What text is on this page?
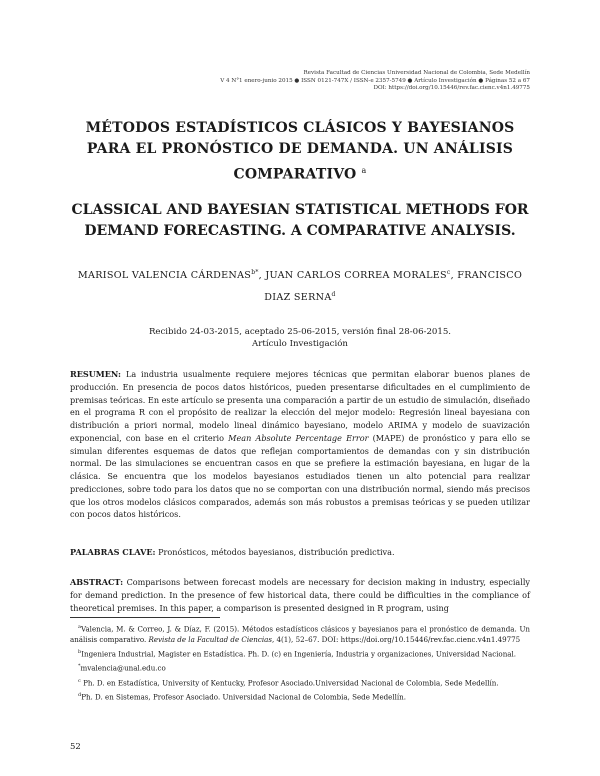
Revista Facultad de Ciencias Universidad Nacional de Colombia, Sede Medellín
V 4 N°1 enero-junio 2015 ● ISSN 0121-747X / ISSN-e 2357-5749 ● Artículo Investigación ● Páginas 52 a 67
DOI: https://doi.org/10.15446/rev.fac.cienc.v4n1.49775
MÉTODOS ESTADÍSTICOS CLÁSICOS Y BAYESIANOS
PARA EL PRONÓSTICO DE DEMANDA. UN ANÁLISIS
COMPARATIVO $^a$
CLASSICAL AND BAYESIAN STATISTICAL METHODS FOR
DEMAND FORECASTING. A COMPARATIVE ANALYSIS.
MARISOL VALENCIA $CÁRDENAS^{b*}$, JUAN CARLOS CORREA MORALES$^c$, FRANCISCO
DIAZ SERNA$^d$
Recibido 24-03-2015, aceptado 25-06-2015, versión final 28-06-2015.
Artículo Investigación
RESUMEN: La industria usualmente requiere mejores técnicas que permitan elaborar buenos planes de producción. En presencia de pocos datos históricos, pueden presentarse dificultades en el cumplimiento de premisas teóricas. En este artículo se presenta una comparación a partir de un estudio de simulación, diseñado en el programa R con el propósito de realizar la elección del mejor modelo: Regresión lineal bayesiana con distribución a priori normal, modelo lineal dinámico bayesiano, modelo ARIMA y modelo de suavización exponencial, con base en el criterio Mean Absolute Percentage Error (MAPE) de pronóstico y para ello se simulan diferentes esquemas de datos que reflejan comportamientos de demandas con y sin distribución normal. De las simulaciones se encuentran casos en que se prefiere la estimación bayesiana, en lugar de la clásica. Se encuentra que los modelos bayesianos estudiados tienen un alto potencial para realizar predicciones, sobre todo para los datos que no se comportan con una distribución normal, siendo más precisos que los otros modelos clásicos comparados, además son más robustos a premisas teóricas y se pueden utilizar con pocos datos históricos.
PALABRAS CLAVE: Pronósticos, métodos bayesianos, distribución predictiva.
ABSTRACT: Comparisons between forecast models are necessary for decision making in industry, especially for demand prediction. In the presence of few historical data, there could be difficulties in the compliance of theoretical premises. In this paper, a comparison is presented designed in R program, using

$^a$Valencia, M. & Correo, J. & Díaz, F. (2015). Métodos estadísticos clásicos y bayesianos para el pronóstico de demanda. Un análisis comparativo. Revista de la Facultad de Ciencias, 4(1), 52–67. DOI: https://doi.org/10.15446/rev.fac.cienc.v4n1.49775

$^b$Ingeniera Industrial, Magister en Estadística. Ph. D. (c) en Ingeniería, Industria y organizaciones, Universidad Nacional.

*mvalencia@unal.edu.co

$^c$ Ph. D. en Estadística, University of Kentucky, Profesor Asociado.Universidad Nacional de Colombia, Sede Medellín.

$^d$Ph. D. en Sistemas, Profesor Asociado. Universidad Nacional de Colombia, Sede Medellín.

52
